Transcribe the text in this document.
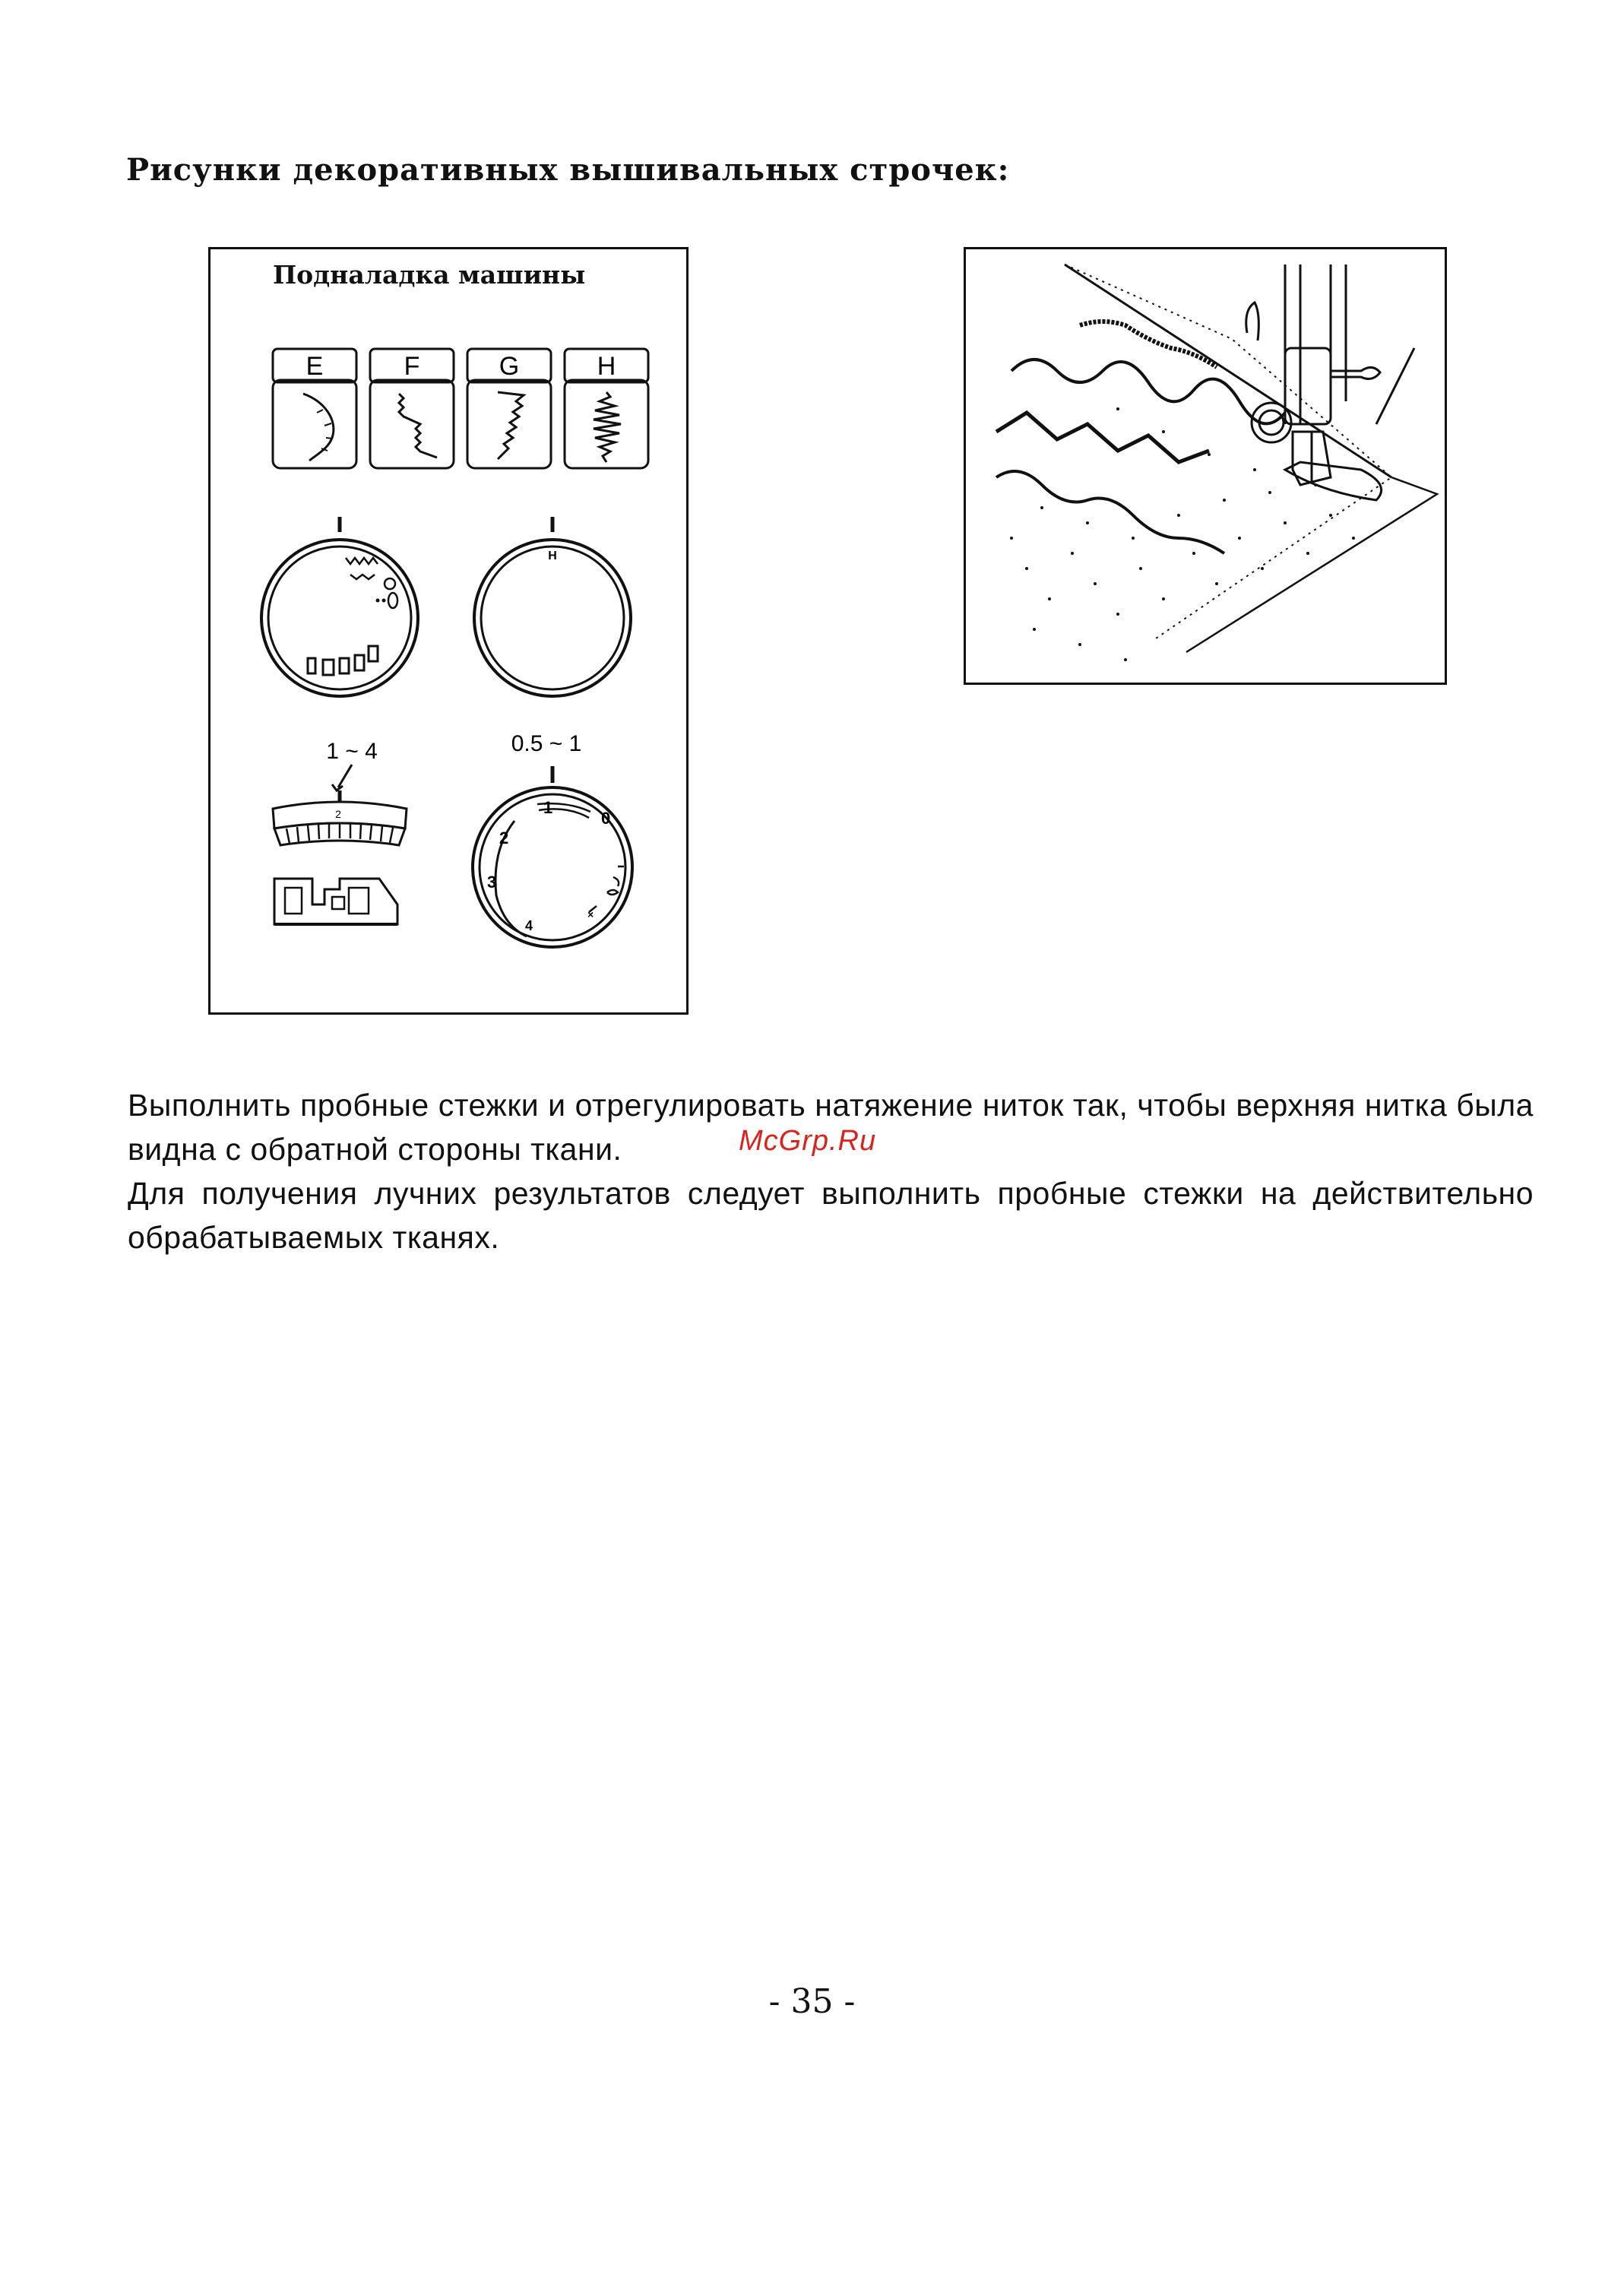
Рисунки декоративных вышивальных строчек:
Подналадка машины
E	F	G	H
H
1 ~ 4
2
0.5 ~ 1
0
1
2
3
4
×

Выполнить пробные стежки и отрегулировать натяжение ниток так, чтобы верхняя нитка была видна с обратной стороны ткани.

Для получения лучних результатов следует выполнить пробные стежки на действительно обрабатываемых тканях.

McGrp.Ru
- 35 -
